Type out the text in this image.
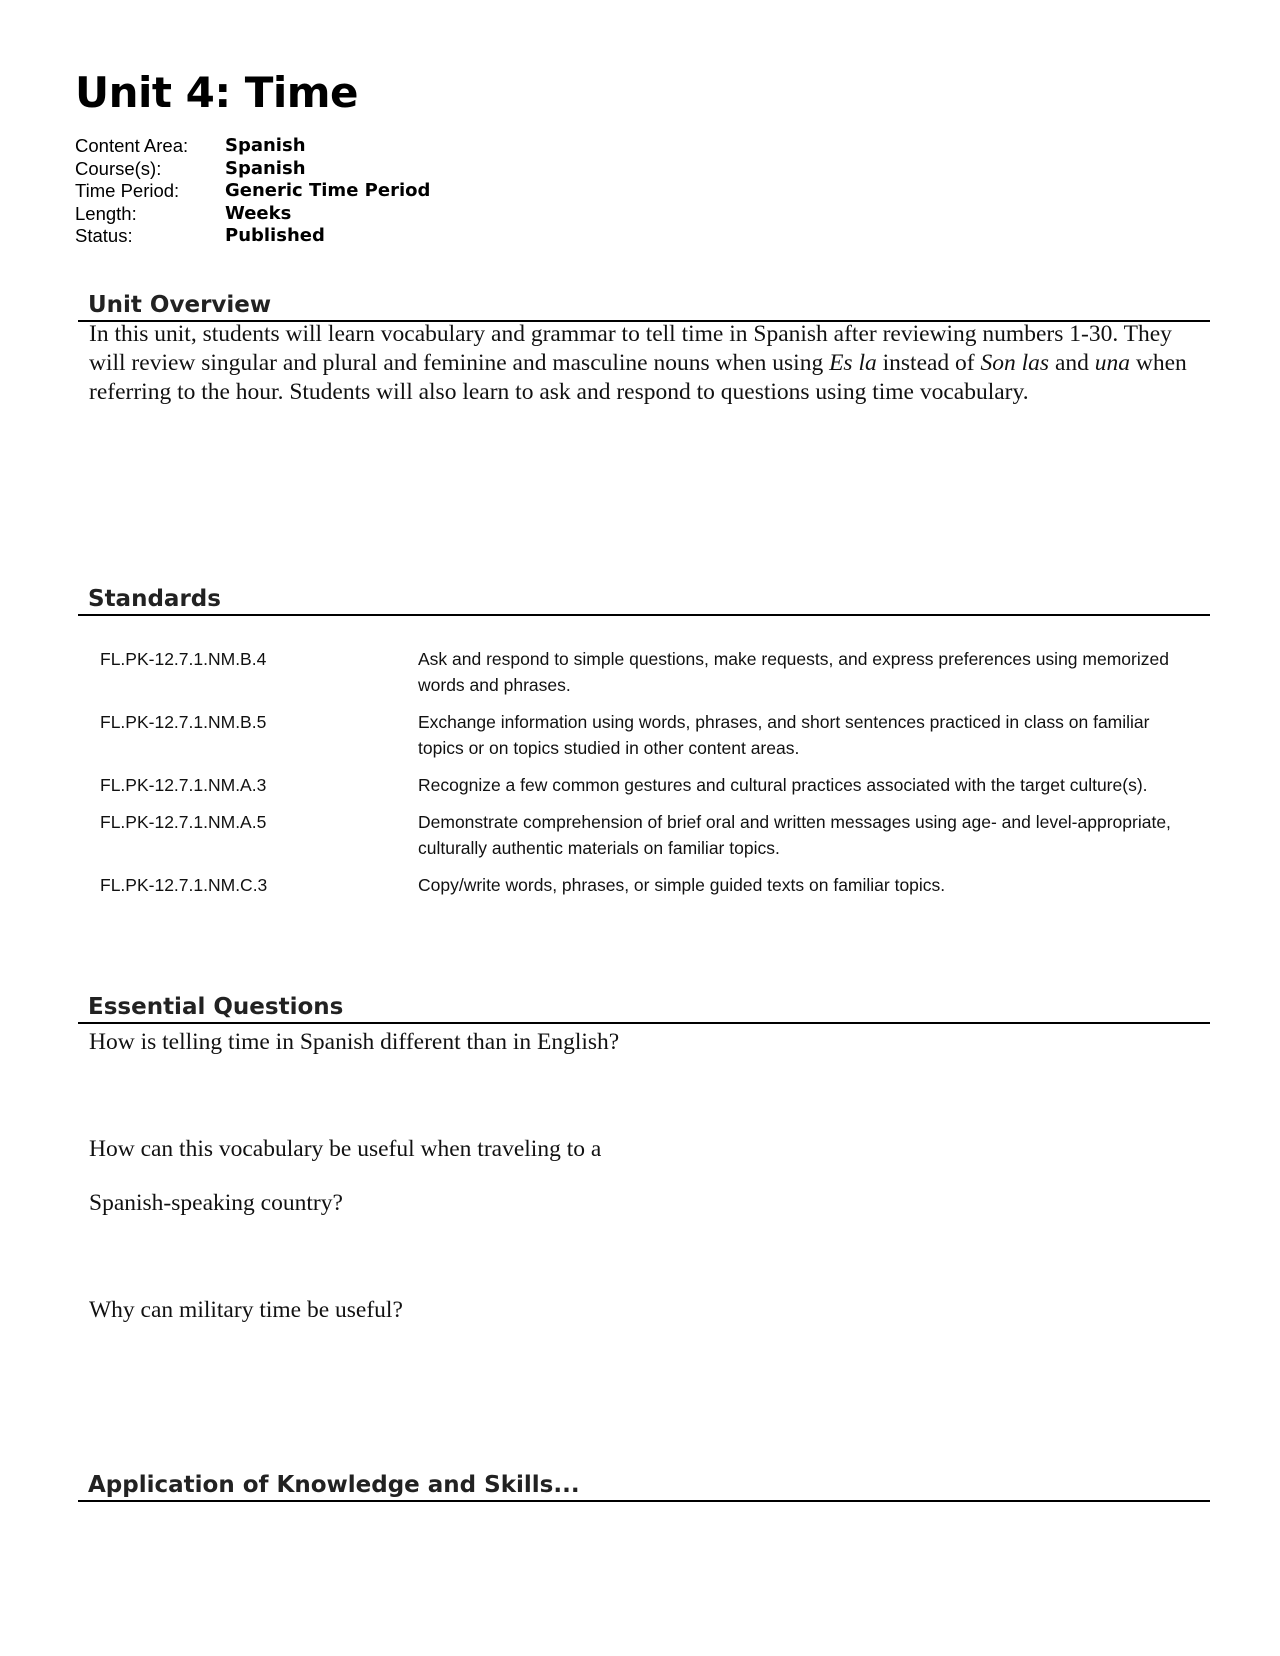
Unit 4: Time
Content Area:	Spanish
Course(s):	Spanish
Time Period:	Generic Time Period
Length:	Weeks
Status:	Published
Unit Overview

In this unit, students will learn vocabulary and grammar to tell time in Spanish after reviewing numbers 1-30. They will review singular and plural and feminine and masculine nouns when using Es la instead of Son las and una when referring to the hour. Students will also learn to ask and respond to questions using time vocabulary.

Standards
FL.PK-12.7.1.NM.B.4	Ask and respond to simple questions, make requests, and express preferences using memorized words and phrases.
FL.PK-12.7.1.NM.B.5	Exchange information using words, phrases, and short sentences practiced in class on familiar topics or on topics studied in other content areas.
FL.PK-12.7.1.NM.A.3	Recognize a few common gestures and cultural practices associated with the target culture(s).
FL.PK-12.7.1.NM.A.5	Demonstrate comprehension of brief oral and written messages using age- and level-appropriate, culturally authentic materials on familiar topics.
FL.PK-12.7.1.NM.C.3	Copy/write words, phrases, or simple guided texts on familiar topics.
Essential Questions

How is telling time in Spanish different than in English?

How can this vocabulary be useful when traveling to a

Spanish-speaking country?

Why can military time be useful?

Application of Knowledge and Skills...
